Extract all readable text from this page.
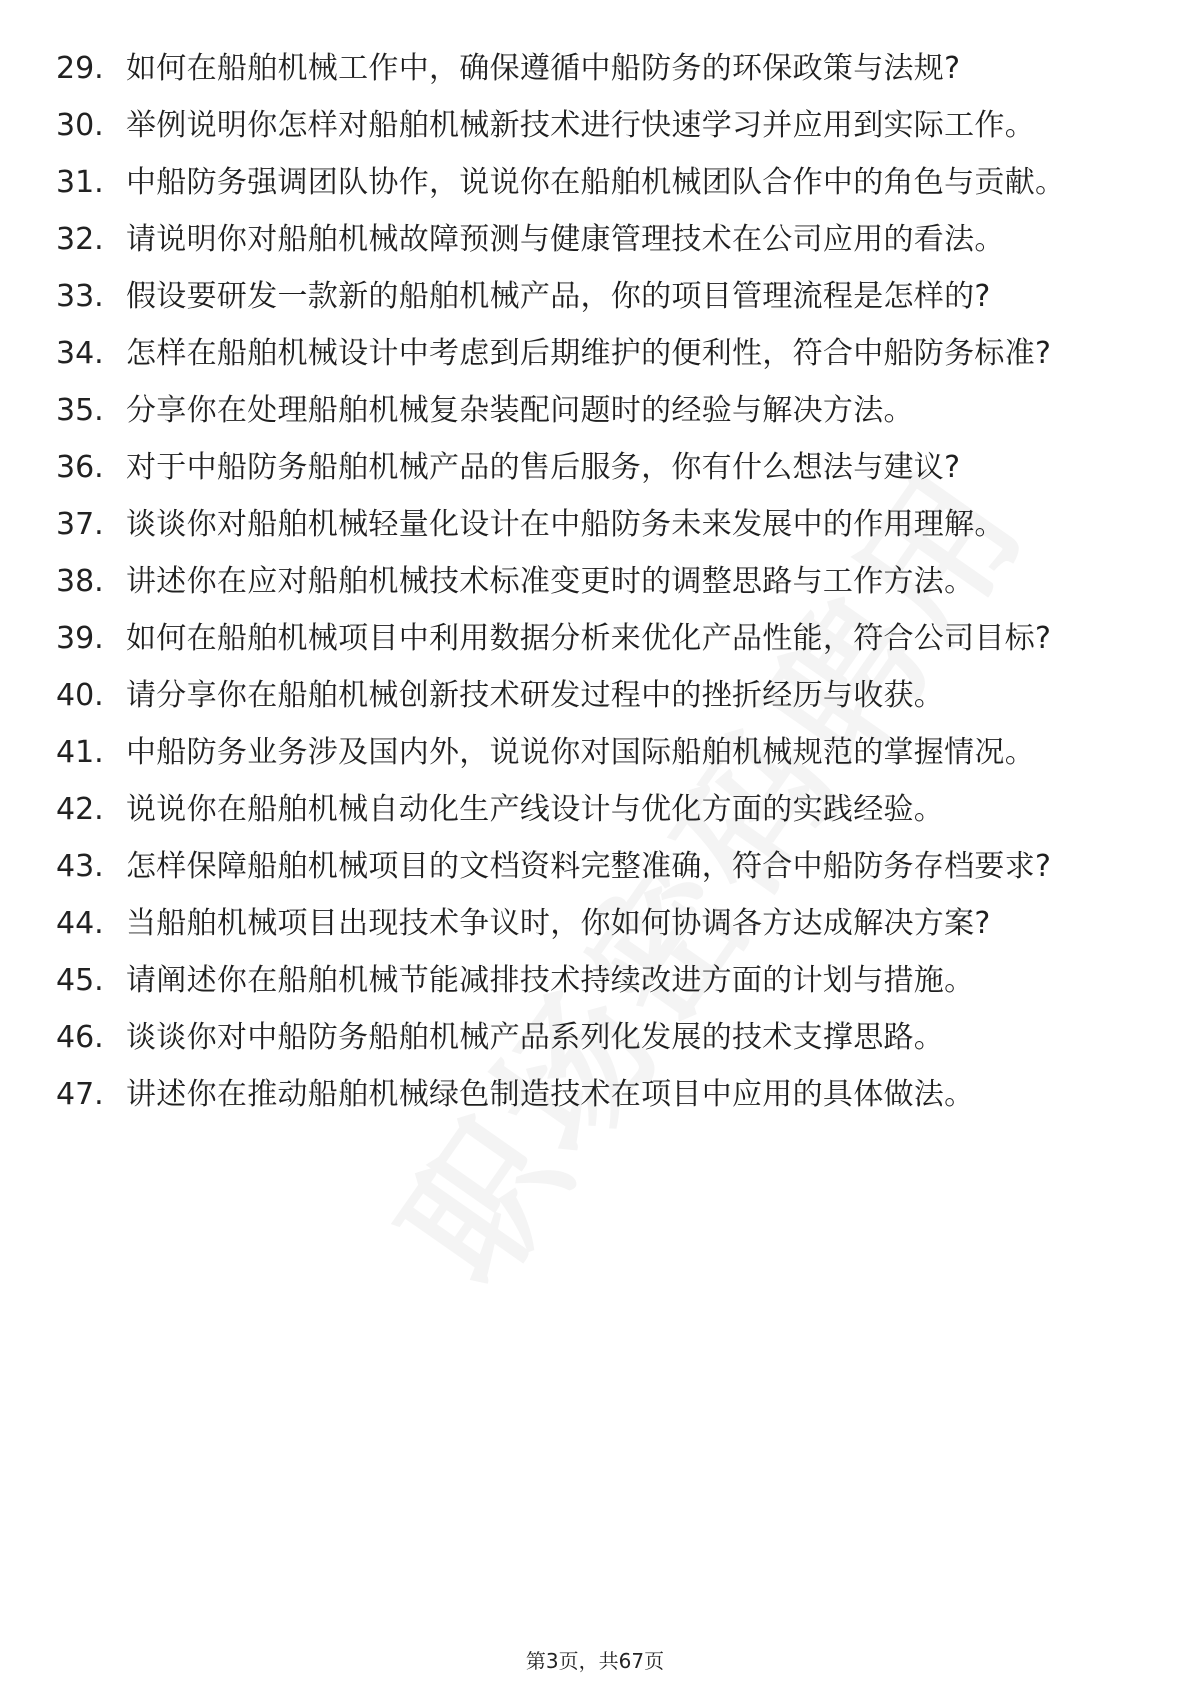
29. 如何在船舶机械工作中，确保遵循中船防务的环保政策与法规?
30. 举例说明你怎样对船舶机械新技术进行快速学习并应用到实际工作。
31. 中船防务强调团队协作，说说你在船舶机械团队合作中的角色与贡献。
32. 请说明你对船舶机械故障预测与健康管理技术在公司应用的看法。
33. 假设要研发一款新的船舶机械产品，你的项目管理流程是怎样的?
34. 怎样在船舶机械设计中考虑到后期维护的便利性，符合中船防务标准?
35. 分享你在处理船舶机械复杂装配问题时的经验与解决方法。
36. 对于中船防务船舶机械产品的售后服务，你有什么想法与建议?
37. 谈谈你对船舶机械轻量化设计在中船防务未来发展中的作用理解。
38. 讲述你在应对船舶机械技术标准变更时的调整思路与工作方法。
39. 如何在船舶机械项目中利用数据分析来优化产品性能，符合公司目标?
40. 请分享你在船舶机械创新技术研发过程中的挫折经历与收获。
41. 中船防务业务涉及国内外，说说你对国际船舶机械规范的掌握情况。
42. 说说你在船舶机械自动化生产线设计与优化方面的实践经验。
43. 怎样保障船舶机械项目的文档资料完整准确，符合中船防务存档要求?
44. 当船舶机械项目出现技术争议时，你如何协调各方达成解决方案?
45. 请阐述你在船舶机械节能减排技术持续改进方面的计划与措施。
46. 谈谈你对中船防务船舶机械产品系列化发展的技术支撑思路。
47. 讲述你在推动船舶机械绿色制造技术在项目中应用的具体做法。
第3页，共67页
